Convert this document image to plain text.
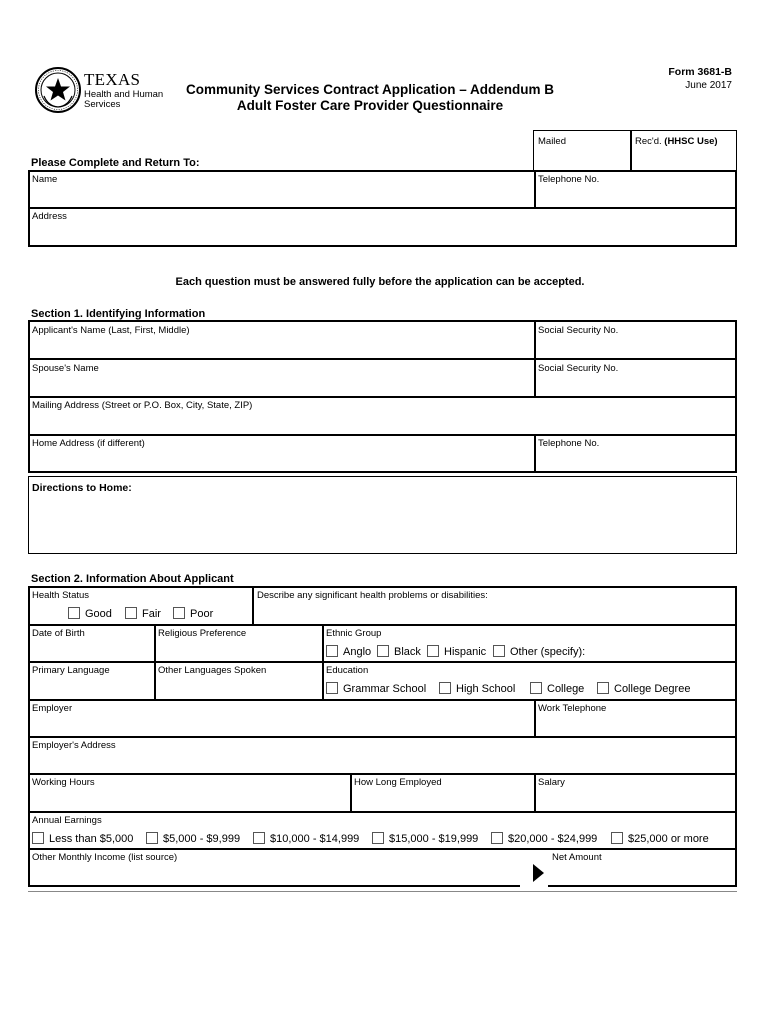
TEXAS
Health and Human Services
Community Services Contract Application – Addendum B
Adult Foster Care Provider Questionnaire
Form 3681-B
June 2017
Mailed	Rec'd. (HHSC Use)
Please Complete and Return To:
Name	Telephone No.
Address
Each question must be answered fully before the application can be accepted.
Section 1. Identifying Information
Applicant's Name (Last, First, Middle)	Social Security No.
Spouse's Name	Social Security No.
Mailing Address (Street or P.O. Box, City, State, ZIP)
Home Address (if different)	Telephone No.
Directions to Home:
Section 2. Information About Applicant
Health Status
Good	Fair	Poor
Describe any significant health problems or disabilities:
Date of Birth	Religious Preference	Ethnic Group
Anglo Black Hispanic Other (specify):
Primary Language	Other Languages Spoken	Education
Grammar School	High School	College	College Degree
Employer	Work Telephone
Employer's Address
Working Hours	How Long Employed	Salary
Annual Earnings
Less than $5,000	$5,000 - $9,999	$10,000 - $14,999	$15,000 - $19,999	$20,000 - $24,999	$25,000 or more
Other Monthly Income (list source)	Net Amount
